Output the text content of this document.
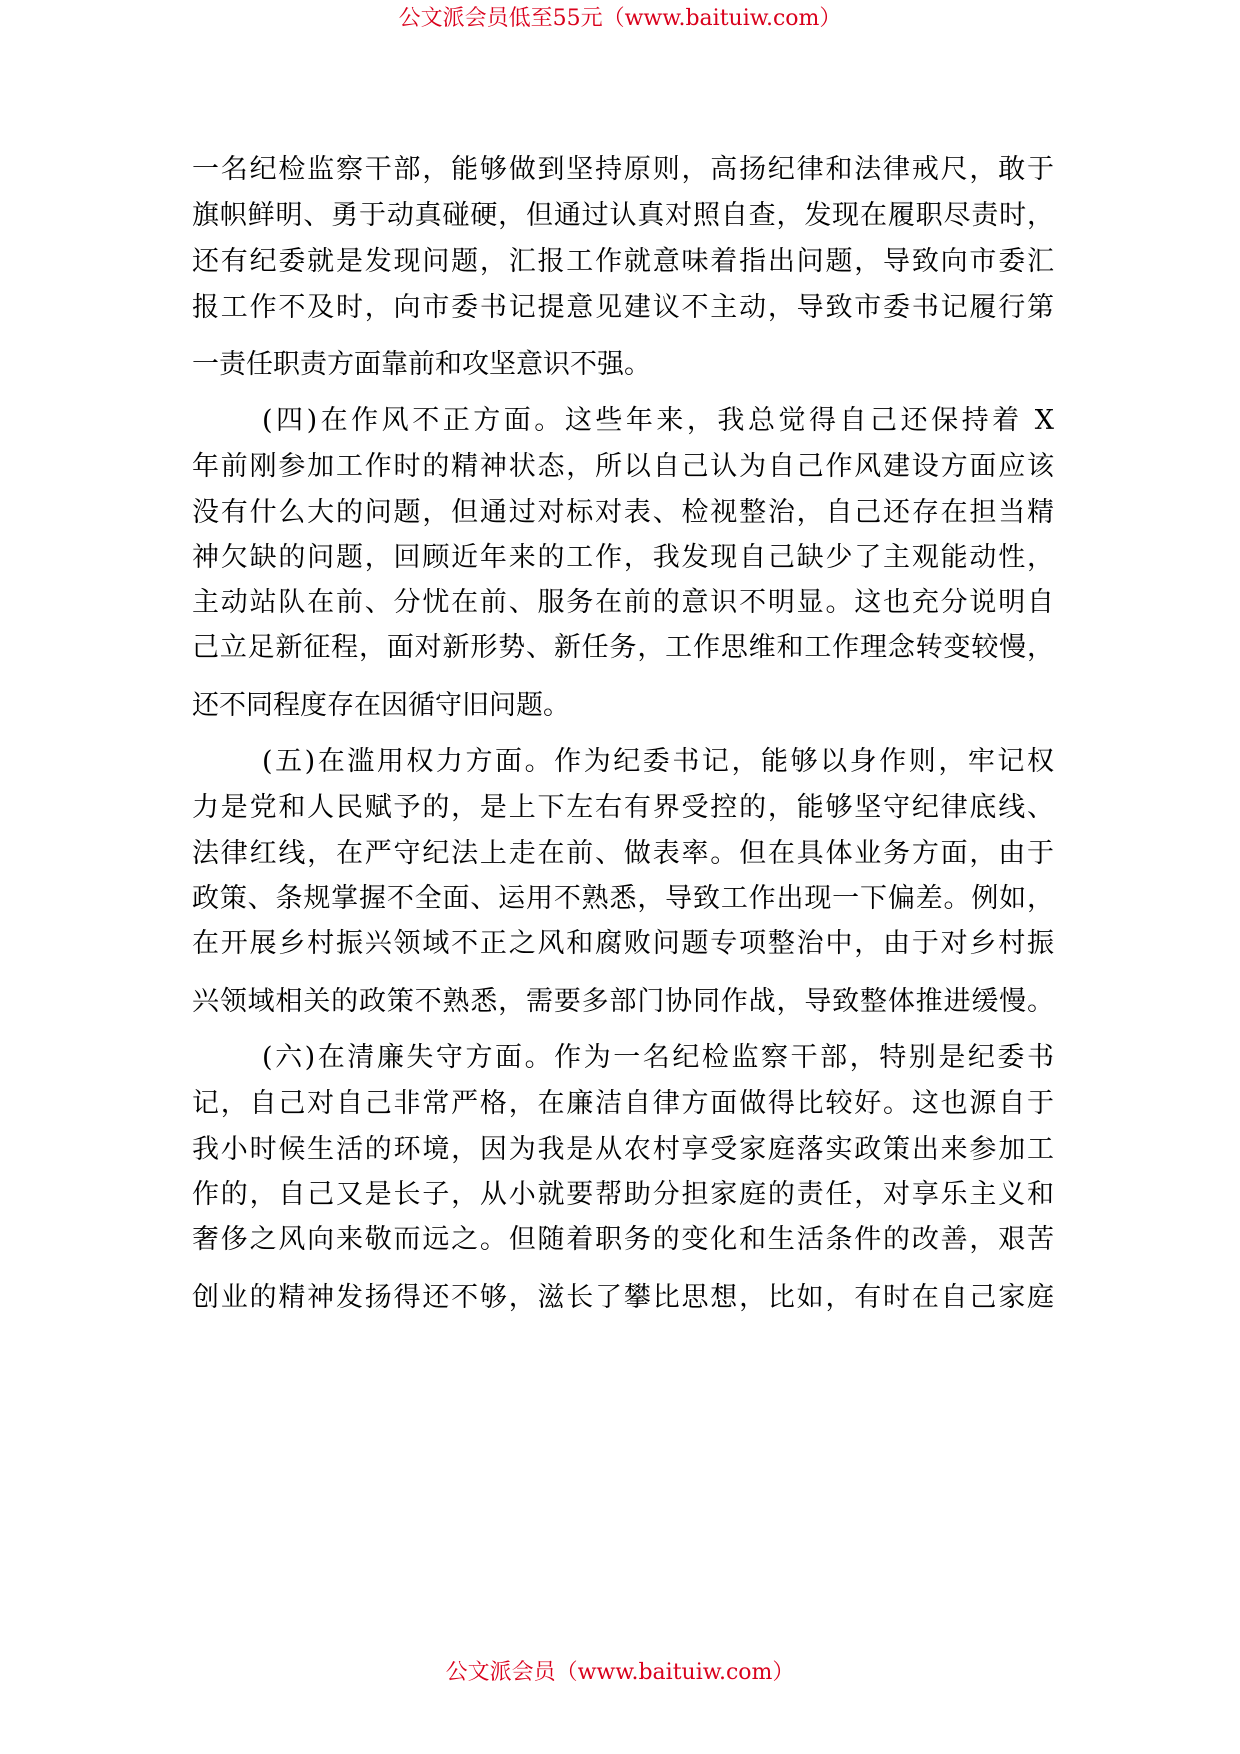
公文派会员低至55元（www.baituiw.com）
一名纪检监察干部，能够做到坚持原则，高扬纪律和法律戒尺，敢于
旗帜鲜明、勇于动真碰硬，但通过认真对照自查，发现在履职尽责时，
还有纪委就是发现问题，汇报工作就意味着指出问题，导致向市委汇
报工作不及时，向市委书记提意见建议不主动，导致市委书记履行第
一责任职责方面靠前和攻坚意识不强。
(四)在作风不正方面。这些年来，我总觉得自己还保持着 X
年前刚参加工作时的精神状态，所以自己认为自己作风建设方面应该
没有什么大的问题，但通过对标对表、检视整治，自己还存在担当精
神欠缺的问题，回顾近年来的工作，我发现自己缺少了主观能动性，
主动站队在前、分忧在前、服务在前的意识不明显。这也充分说明自
己立足新征程，面对新形势、新任务，工作思维和工作理念转变较慢，
还不同程度存在因循守旧问题。
(五)在滥用权力方面。作为纪委书记，能够以身作则，牢记权
力是党和人民赋予的，是上下左右有界受控的，能够坚守纪律底线、
法律红线，在严守纪法上走在前、做表率。但在具体业务方面，由于
政策、条规掌握不全面、运用不熟悉，导致工作出现一下偏差。例如，
在开展乡村振兴领域不正之风和腐败问题专项整治中，由于对乡村振
兴领域相关的政策不熟悉，需要多部门协同作战，导致整体推进缓慢。
(六)在清廉失守方面。作为一名纪检监察干部，特别是纪委书
记，自己对自己非常严格，在廉洁自律方面做得比较好。这也源自于
我小时候生活的环境，因为我是从农村享受家庭落实政策出来参加工
作的，自己又是长子，从小就要帮助分担家庭的责任，对享乐主义和
奢侈之风向来敬而远之。但随着职务的变化和生活条件的改善，艰苦
创业的精神发扬得还不够，滋长了攀比思想，比如，有时在自己家庭
公文派会员（www.baituiw.com）
